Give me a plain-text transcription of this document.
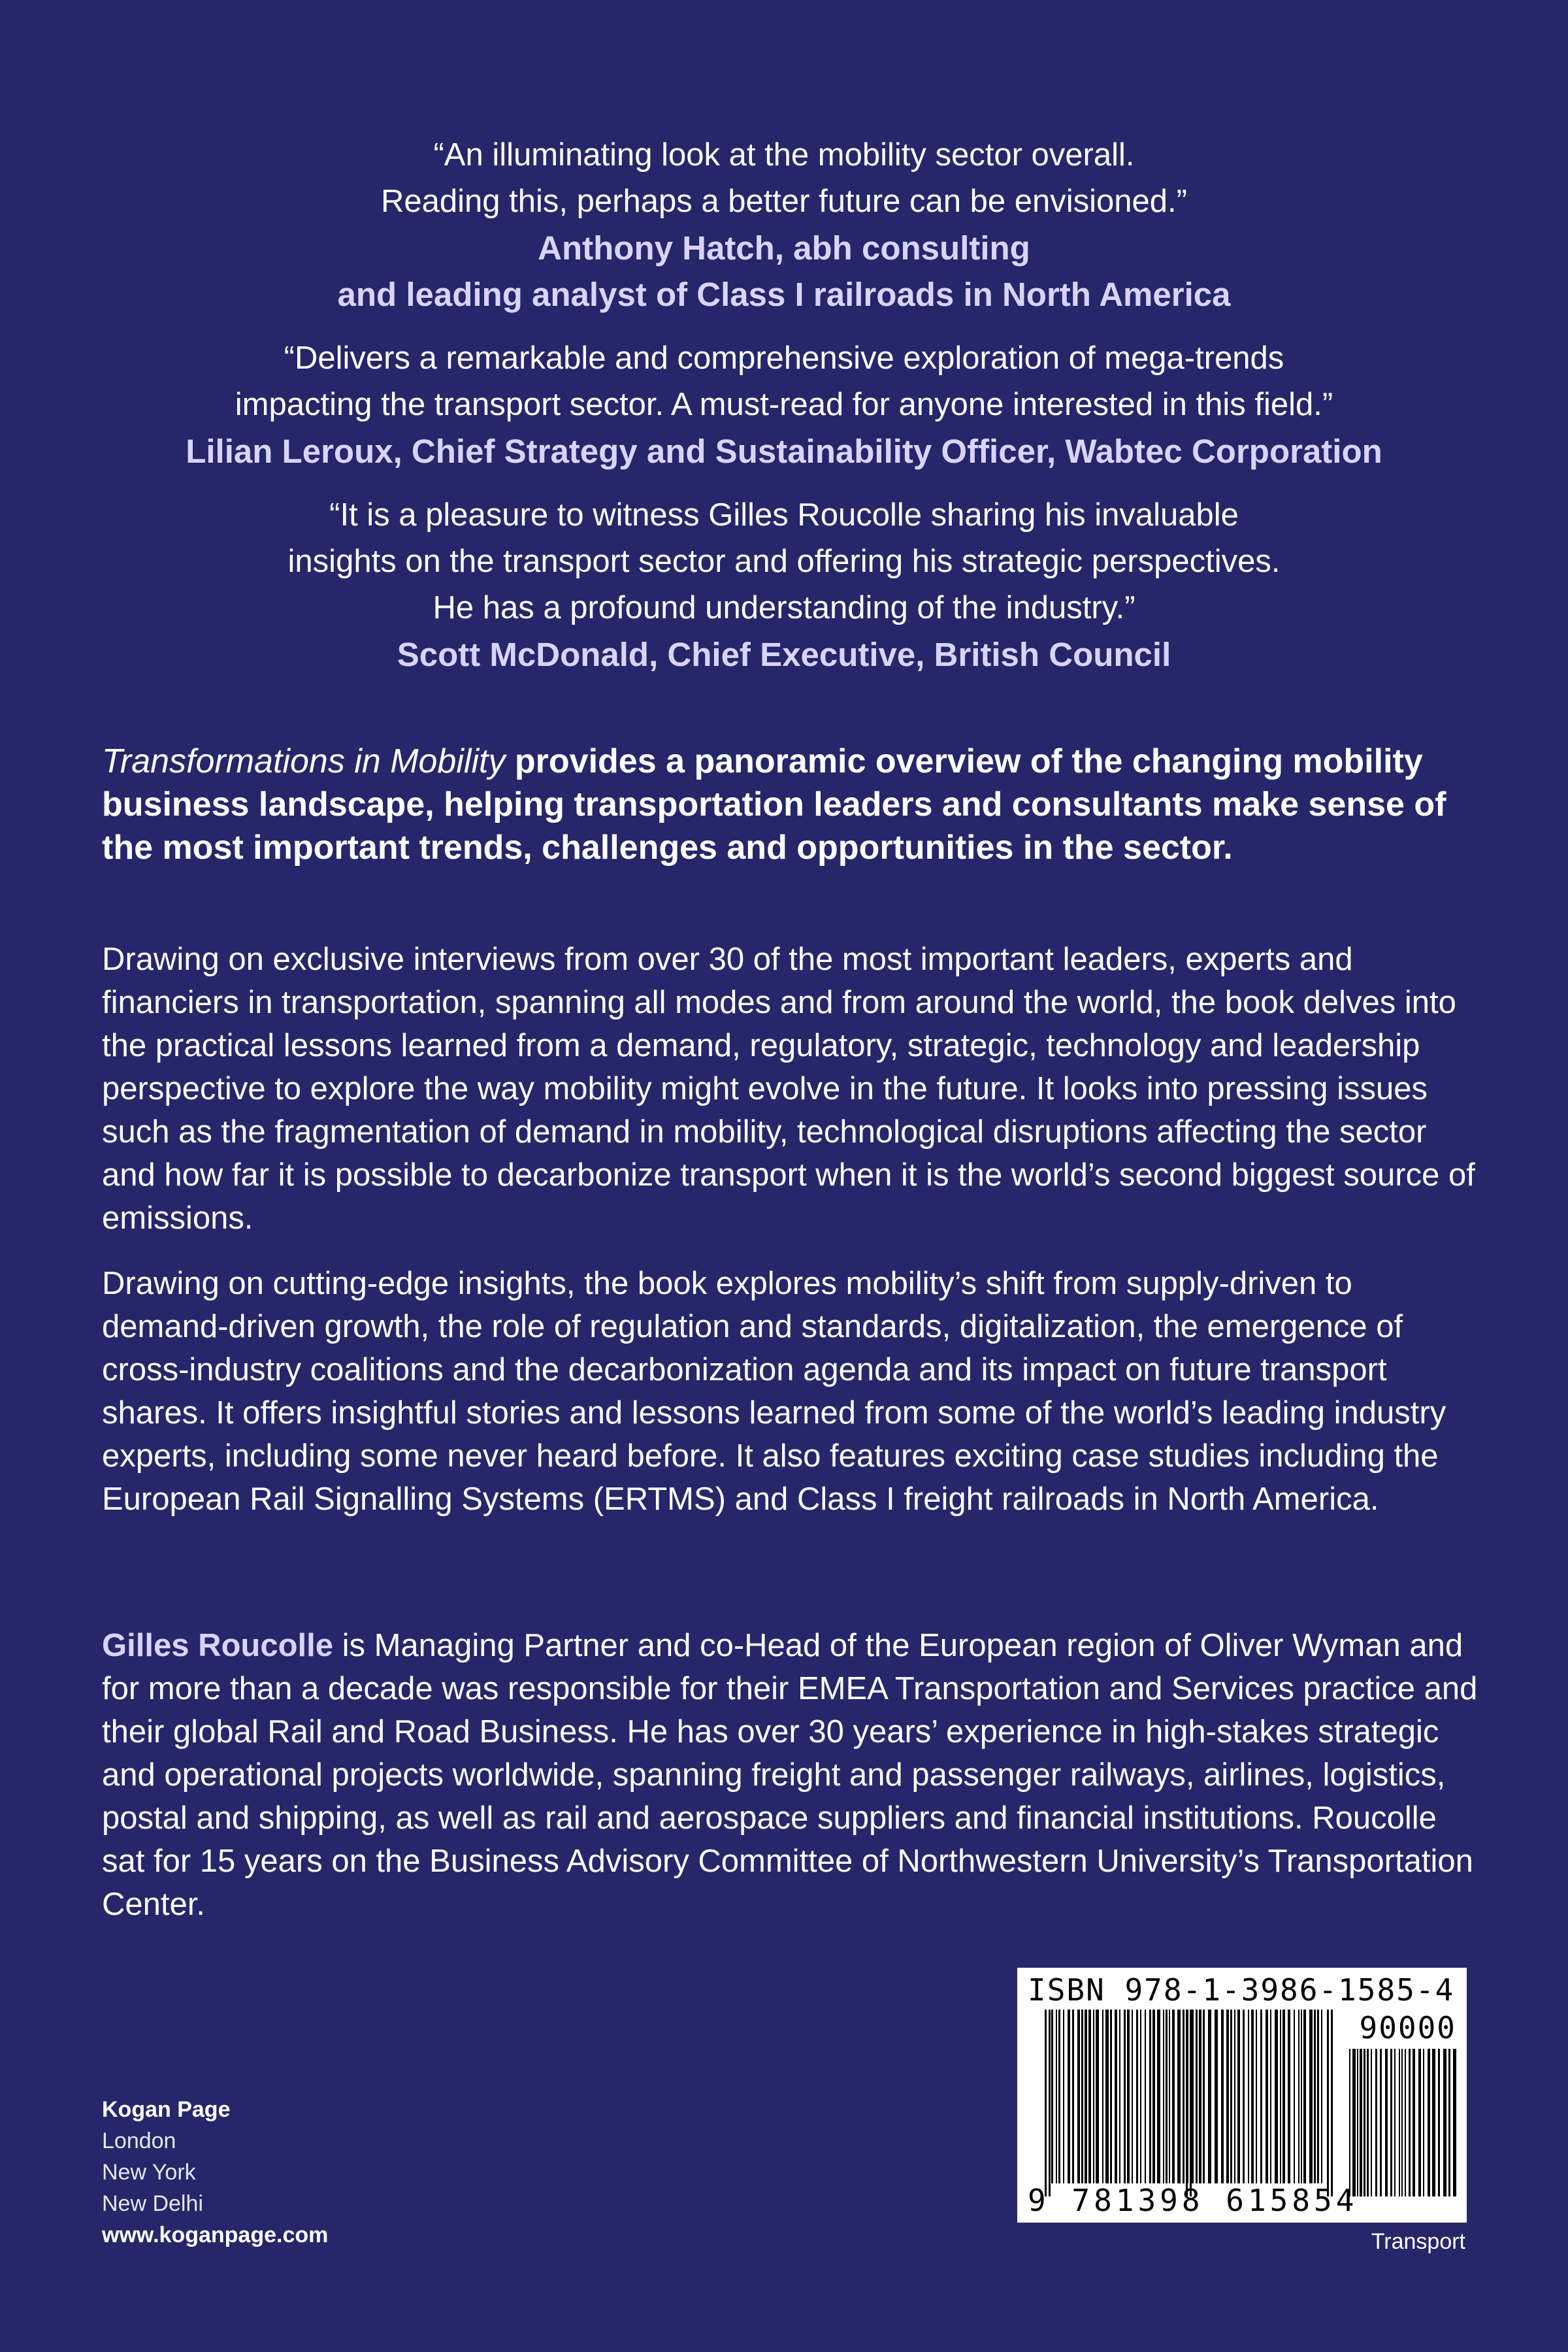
“An illuminating look at the mobility sector overall.
Reading this, perhaps a better future can be envisioned.”
Anthony Hatch, abh consulting
and leading analyst of Class I railroads in North America
“Delivers a remarkable and comprehensive exploration of mega-trends
impacting the transport sector. A must-read for anyone interested in this field.”
Lilian Leroux, Chief Strategy and Sustainability Officer, Wabtec Corporation
“It is a pleasure to witness Gilles Roucolle sharing his invaluable
insights on the transport sector and offering his strategic perspectives.
He has a profound understanding of the industry.”
Scott McDonald, Chief Executive, British Council
Transformations in Mobility provides a panoramic overview of the changing mobility business landscape, helping transportation leaders and consultants make sense of the most important trends, challenges and opportunities in the sector.
Drawing on exclusive interviews from over 30 of the most important leaders, experts and financiers in transportation, spanning all modes and from around the world, the book delves into the practical lessons learned from a demand, regulatory, strategic, technology and leadership perspective to explore the way mobility might evolve in the future. It looks into pressing issues such as the fragmentation of demand in mobility, technological disruptions affecting the sector and how far it is possible to decarbonize transport when it is the world’s second biggest source of emissions.
Drawing on cutting-edge insights, the book explores mobility’s shift from supply-driven to demand-driven growth, the role of regulation and standards, digitalization, the emergence of cross-industry coalitions and the decarbonization agenda and its impact on future transport shares. It offers insightful stories and lessons learned from some of the world’s leading industry experts, including some never heard before. It also features exciting case studies including the European Rail Signalling Systems (ERTMS) and Class I freight railroads in North America.
Gilles Roucolle is Managing Partner and co-Head of the European region of Oliver Wyman and for more than a decade was responsible for their EMEA Transportation and Services practice and their global Rail and Road Business. He has over 30 years’ experience in high-stakes strategic and operational projects worldwide, spanning freight and passenger railways, airlines, logistics, postal and shipping, as well as rail and aerospace suppliers and financial institutions. Roucolle sat for 15 years on the Business Advisory Committee of Northwestern University’s Transportation Center.
Kogan Page
London
New York
New Delhi
www.koganpage.com
ISBN 978-1-3986-1585-4
90000
9 781398 615854
Transport
